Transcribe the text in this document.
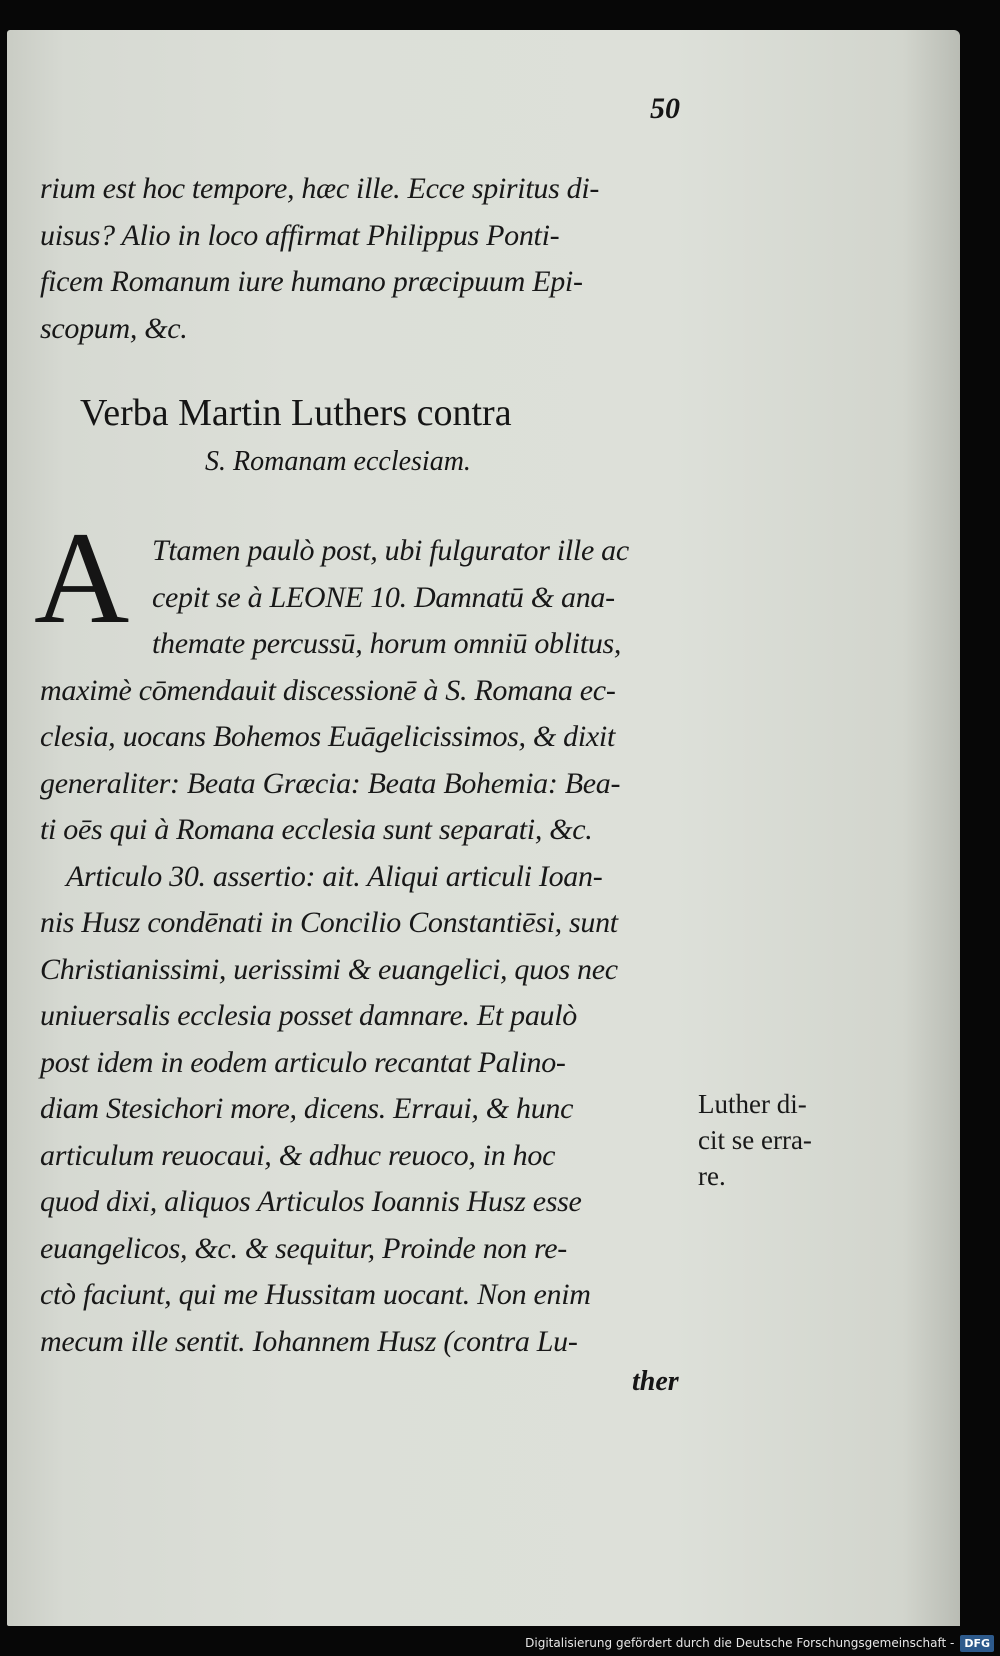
50
rium est hoc tempore, hæc ille. Ecce spiritus di-
uisus? Alio in loco affirmat Philippus Ponti-
ficem Romanum iure humano præcipuum Epi-
scopum, &c.
Verba Martin Luthers contra
S. Romanam ecclesiam.
A Ttamen paulò post, ubi fulgurator ille ac
cepit se à LEONE 10. Damnatū & ana-
themate percussū, horum omniū oblitus,
maximè cōmendauit discessionē à S. Romana ec-
clesia, uocans Bohemos Euāgelicissimos, & dixit
generaliter: Beata Græcia: Beata Bohemia: Bea-
ti oēs qui à Romana ecclesia sunt separati, &c.
Articulo 30. assertio: ait. Aliqui articuli Ioan-
nis Husz condēnati in Concilio Constantiēsi, sunt
Christianissimi, uerissimi & euangelici, quos nec
uniuersalis ecclesia posset damnare. Et paulò
post idem in eodem articulo recantat Palino-
diam Stesichori more, dicens. Erraui, & hunc
articulum reuocaui, & adhuc reuoco, in hoc
quod dixi, aliquos Articulos Ioannis Husz esse
euangelicos, &c. & sequitur, Proinde non re-
ctò faciunt, qui me Hussitam uocant. Non enim
mecum ille sentit. Iohannem Husz (contra Lu-
Luther di-
cit se erra-
re.
ther
Digitalisierung gefördert durch die Deutsche Forschungsgemeinschaft - DFG
